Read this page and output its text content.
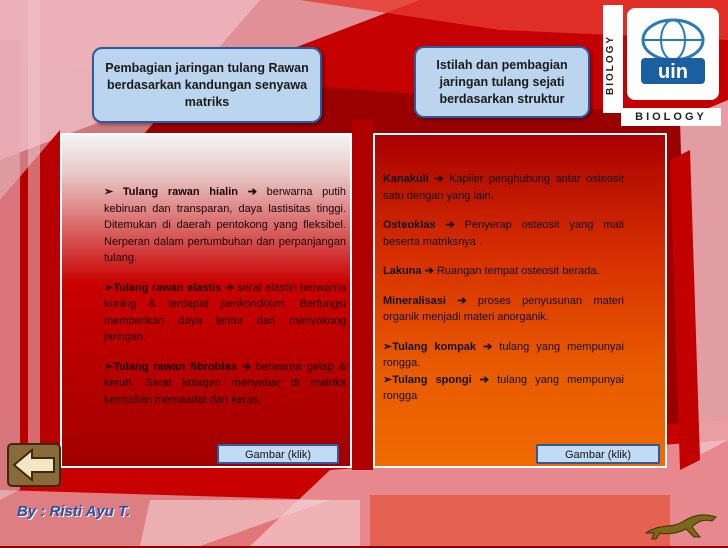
Pembagian jaringan tulang Rawan berdasarkan kandungan senyawa matriks
Istilah dan pembagian jaringan tulang sejati berdasarkan struktur

➢ Tulang rawan hialin ➔ berwarna putih kebiruan dan transparan, daya lastisitas tinggi. Ditemukan di daerah pentokong yang fleksibel. Nerperan dalam pertumbuhan dan perpanjangan tulang.

➢Tulang rawan elastis ➔ serat elastin berwarna kuning & terdapat perikondrium. Berfungsi memberikan daya lentur dan menyokong jaringan.

➢Tulang rawan fibroblas ➔ berwarna gelap & keruh. Serat kolagen menyebar di matriks kemudian memaadat dan keras.

Kanakuli ➔ Kapiler penghubung antar osteosit satu dengan yang lain.

Osteoklas ➔ Penyerap osteosit yang mati beserta matriksnya .

Lakuna ➔ Ruangan tempat osteosit berada.

Mineralisasi ➔ proses penyusunan materi organik menjadi materi anorganik.

➢Tulang kompak ➔ tulang yang mempunyai rongga.
➢Tulang spongi ➔ tulang yang mempunyai rongga
Gambar (klik)	Gambar (klik)
By : Risti Ayu T.
BIOLOGY uin
BIOLOGY
